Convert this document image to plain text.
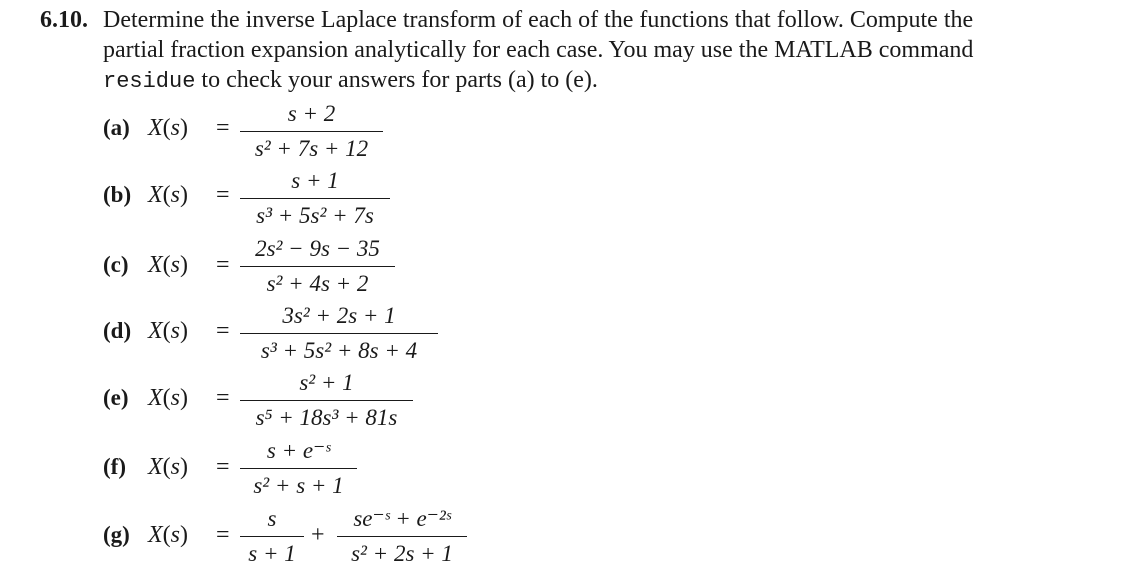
6.10. Determine the inverse Laplace transform of each of the functions that follow. Compute the
partial fraction expansion analytically for each case. You may use the MATLAB command
residue to check your answers for parts (a) to (e).
(a) X(s) =
s + 2
s² + 7s + 12
(b) X(s) =
s + 1
s³ + 5s² + 7s
(c) X(s) =
2s² − 9s − 35
s² + 4s + 2
(d) X(s) =
3s² + 2s + 1
s³ + 5s² + 8s + 4
(e) X(s) =
s² + 1
s⁵ + 18s³ + 81s
(f) X(s) =
s + e⁻ˢ
s² + s + 1
(g) X(s) =
s
s + 1
+
se⁻ˢ + e⁻²ˢ
s² + 2s + 1
